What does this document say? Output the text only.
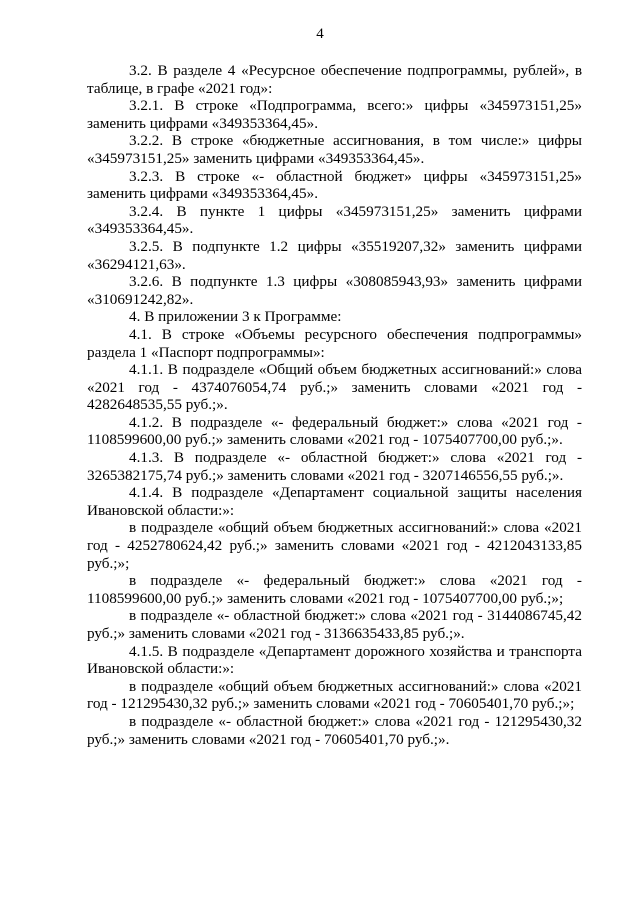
4

3.2. В разделе 4 «Ресурсное обеспечение подпрограммы, рублей», в таблице, в графе «2021 год»:

3.2.1. В строке «Подпрограмма, всего:» цифры «345973151,25» заменить цифрами «349353364,45».

3.2.2. В строке «бюджетные ассигнования, в том числе:» цифры «345973151,25» заменить цифрами «349353364,45».

3.2.3. В строке «- областной бюджет» цифры «345973151,25» заменить цифрами «349353364,45».

3.2.4. В пункте 1 цифры «345973151,25» заменить цифрами «349353364,45».

3.2.5. В подпункте 1.2 цифры «35519207,32» заменить цифрами «36294121,63».

3.2.6. В подпункте 1.3 цифры «308085943,93» заменить цифрами «310691242,82».

4. В приложении 3 к Программе:

4.1. В строке «Объемы ресурсного обеспечения подпрограммы» раздела 1 «Паспорт подпрограммы»:

4.1.1. В подразделе «Общий объем бюджетных ассигнований:» слова «2021 год - 4374076054,74 руб.;» заменить словами «2021 год - 4282648535,55 руб.;».

4.1.2. В подразделе «- федеральный бюджет:» слова «2021 год - 1108599600,00 руб.;» заменить словами «2021 год - 1075407700,00 руб.;».

4.1.3. В подразделе «- областной бюджет:» слова «2021 год - 3265382175,74 руб.;» заменить словами «2021 год - 3207146556,55 руб.;».

4.1.4. В подразделе «Департамент социальной защиты населения Ивановской области:»:

в подразделе «общий объем бюджетных ассигнований:» слова «2021 год - 4252780624,42 руб.;» заменить словами «2021 год - 4212043133,85 руб.;»;

в подразделе «- федеральный бюджет:» слова «2021 год - 1108599600,00 руб.;» заменить словами «2021 год - 1075407700,00 руб.;»;

в подразделе «- областной бюджет:» слова «2021 год - 3144086745,42 руб.;» заменить словами «2021 год - 3136635433,85 руб.;».

4.1.5. В подразделе «Департамент дорожного хозяйства и транспорта Ивановской области:»:

в подразделе «общий объем бюджетных ассигнований:» слова «2021 год - 121295430,32 руб.;» заменить словами «2021 год - 70605401,70 руб.;»;

в подразделе «- областной бюджет:» слова «2021 год - 121295430,32 руб.;» заменить словами «2021 год - 70605401,70 руб.;».
